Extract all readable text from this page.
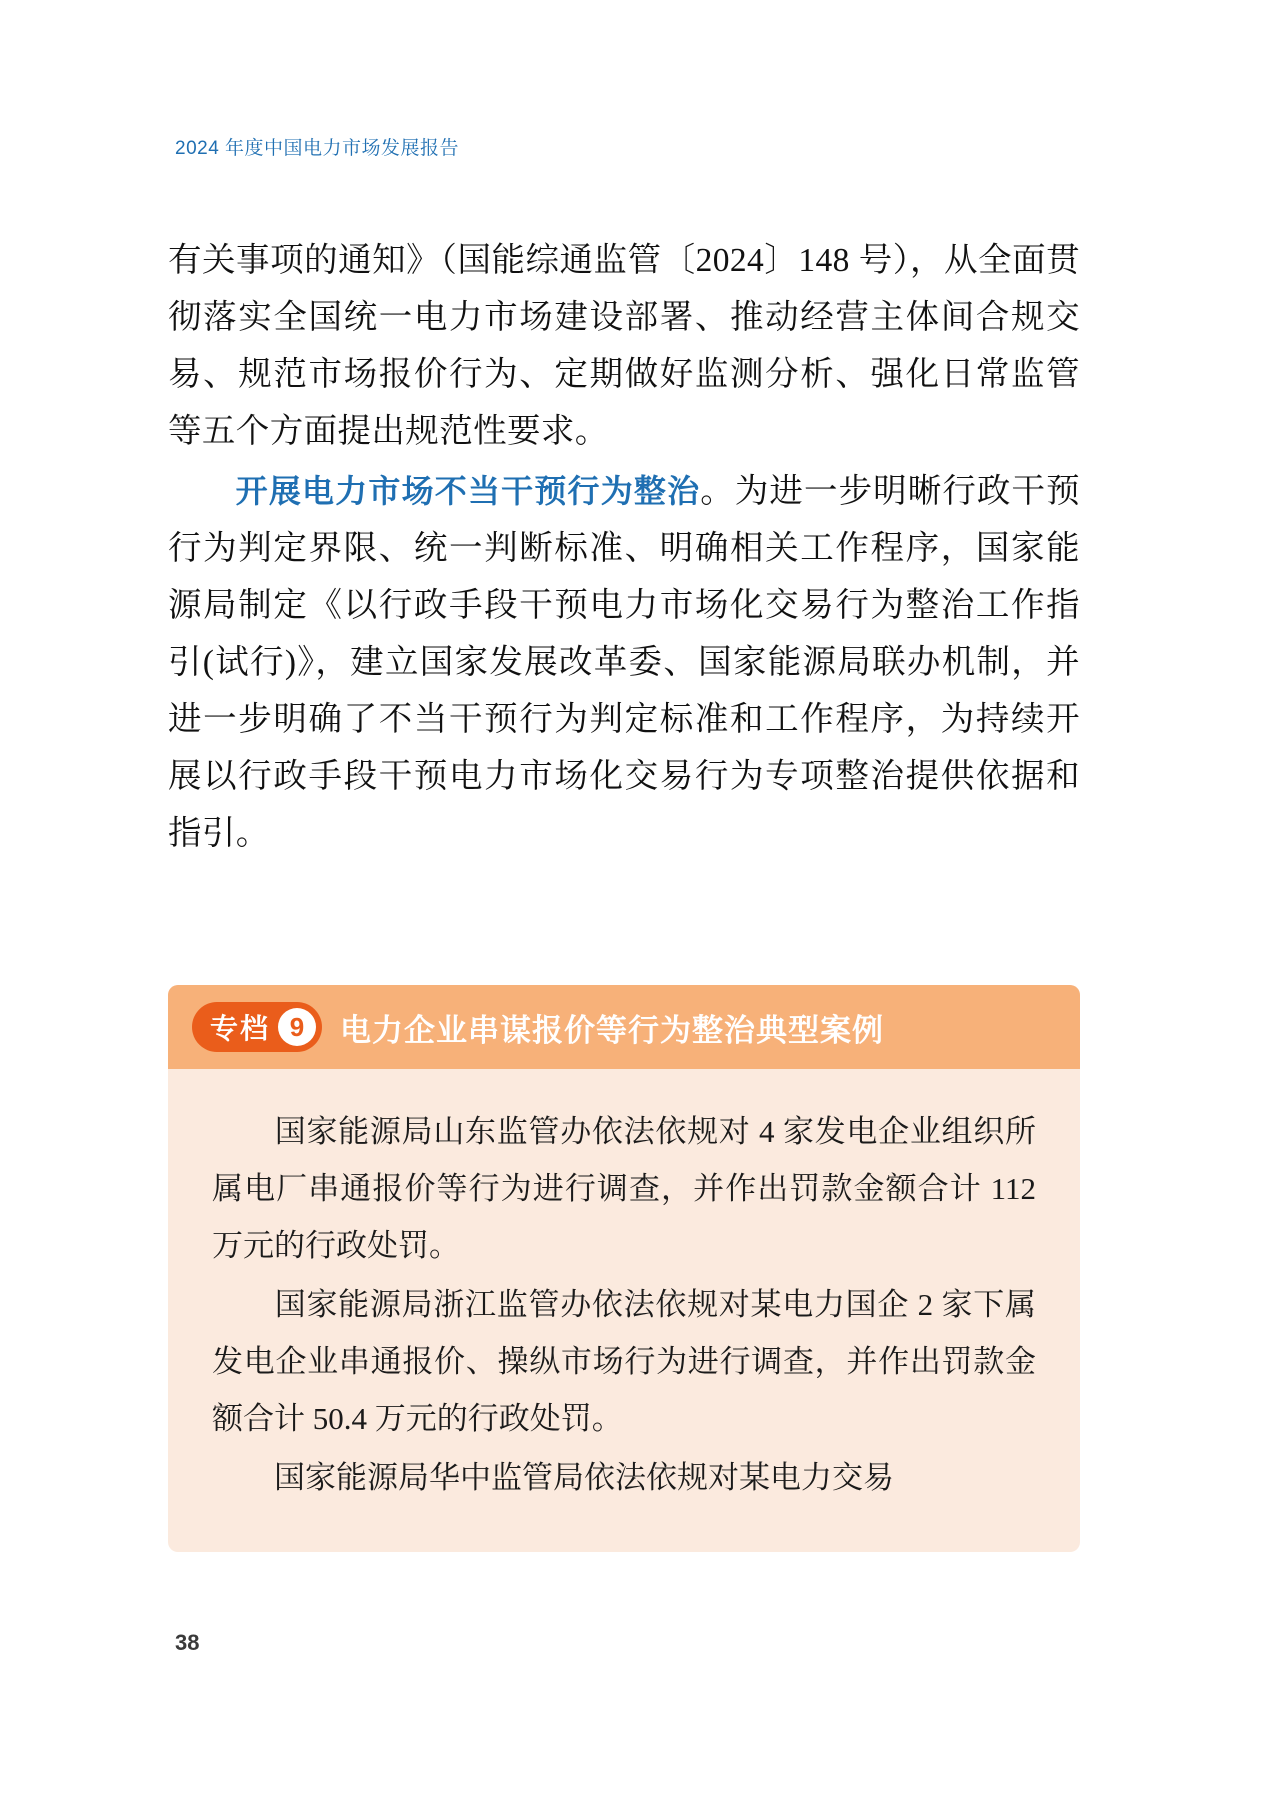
2024 年度中国电力市场发展报告

有关事项的通知》（国能综通监管〔2024〕148 号），从全面贯彻落实全国统一电力市场建设部署、推动经营主体间合规交易、规范市场报价行为、定期做好监测分析、强化日常监管等五个方面提出规范性要求。

开展电力市场不当干预行为整治。为进一步明晰行政干预行为判定界限、统一判断标准、明确相关工作程序，国家能源局制定《以行政手段干预电力市场化交易行为整治工作指引(试行)》，建立国家发展改革委、国家能源局联办机制，并进一步明确了不当干预行为判定标准和工作程序，为持续开展以行政手段干预电力市场化交易行为专项整治提供依据和指引。

专档 9	电力企业串谋报价等行为整治典型案例

国家能源局山东监管办依法依规对 4 家发电企业组织所属电厂串通报价等行为进行调查，并作出罚款金额合计 112 万元的行政处罚。

国家能源局浙江监管办依法依规对某电力国企 2 家下属发电企业串通报价、操纵市场行为进行调查，并作出罚款金额合计 50.4 万元的行政处罚。

国家能源局华中监管局依法依规对某电力交易

38
